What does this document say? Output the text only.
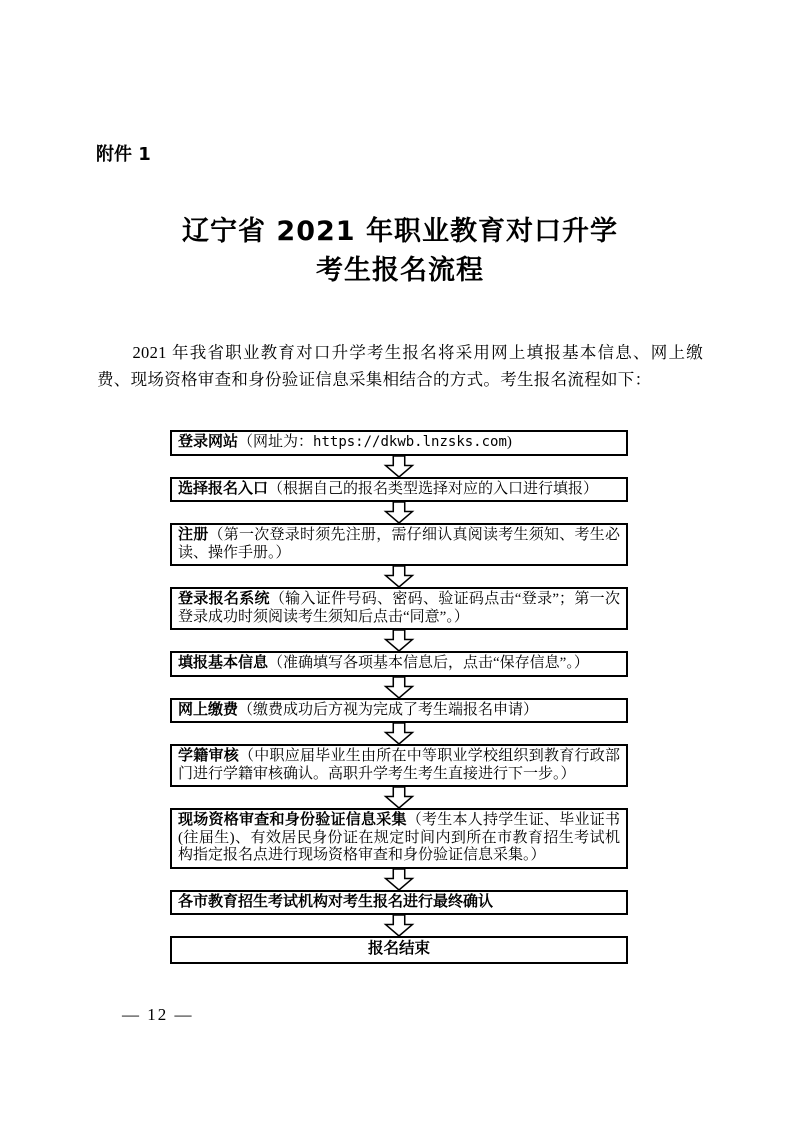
附件 1
辽宁省 2021 年职业教育对口升学
考生报名流程

2021 年我省职业教育对口升学考生报名将采用网上填报基本信息、网上缴费、现场资格审查和身份验证信息采集相结合的方式。考生报名流程如下：

登录网站（网址为：https://dkwb.lnzsks.com)
选择报名入口（根据自己的报名类型选择对应的入口进行填报）
注册（第一次登录时须先注册，需仔细认真阅读考生须知、考生必读、操作手册。）
登录报名系统（输入证件号码、密码、验证码点击“登录”；第一次登录成功时须阅读考生须知后点击“同意”。）
填报基本信息（准确填写各项基本信息后，点击“保存信息”。）
网上缴费（缴费成功后方视为完成了考生端报名申请）
学籍审核（中职应届毕业生由所在中等职业学校组织到教育行政部门进行学籍审核确认。高职升学考生考生直接进行下一步。）
现场资格审查和身份验证信息采集（考生本人持学生证、毕业证书(往届生)、有效居民身份证在规定时间内到所在市教育招生考试机构指定报名点进行现场资格审查和身份验证信息采集。）
各市教育招生考试机构对考生报名进行最终确认
报名结束
— 12 —
